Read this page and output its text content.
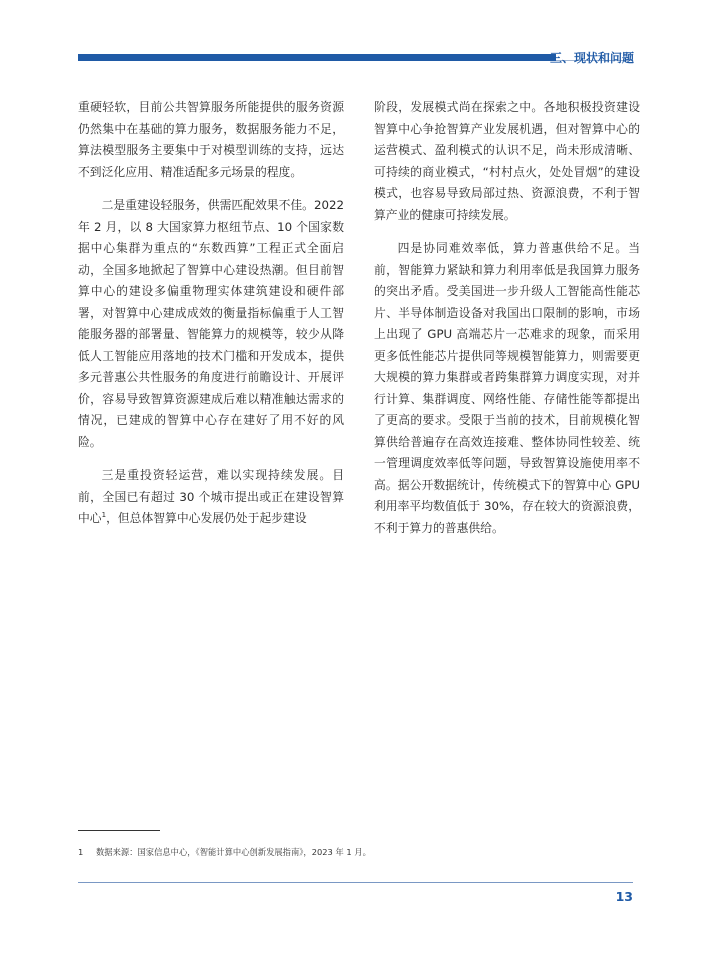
三、现状和问题

重硬轻软，目前公共智算服务所能提供的服务资源仍然集中在基础的算力服务，数据服务能力不足，算法模型服务主要集中于对模型训练的支持，远达不到泛化应用、精准适配多元场景的程度。

二是重建设轻服务，供需匹配效果不佳。2022 年 2 月，以 8 大国家算力枢纽节点、10 个国家数据中心集群为重点的“东数西算”工程正式全面启动，全国多地掀起了智算中心建设热潮。但目前智算中心的建设多偏重物理实体建筑建设和硬件部署，对智算中心建成成效的衡量指标偏重于人工智能服务器的部署量、智能算力的规模等，较少从降低人工智能应用落地的技术门槛和开发成本，提供多元普惠公共性服务的角度进行前瞻设计、开展评价，容易导致智算资源建成后难以精准触达需求的情况，已建成的智算中心存在建好了用不好的风险。

三是重投资轻运营，难以实现持续发展。目前，全国已有超过 30 个城市提出或正在建设智算中心$^1$，但总体智算中心发展仍处于起步建设

阶段，发展模式尚在探索之中。各地积极投资建设智算中心争抢智算产业发展机遇，但对智算中心的运营模式、盈利模式的认识不足，尚未形成清晰、可持续的商业模式，“村村点火，处处冒烟”的建设模式，也容易导致局部过热、资源浪费，不利于智算产业的健康可持续发展。

四是协同难效率低，算力普惠供给不足。当前，智能算力紧缺和算力利用率低是我国算力服务的突出矛盾。受美国进一步升级人工智能高性能芯片、半导体制造设备对我国出口限制的影响，市场上出现了 GPU 高端芯片一芯难求的现象，而采用更多低性能芯片提供同等规模智能算力，则需要更大规模的算力集群或者跨集群算力调度实现，对并行计算、集群调度、网络性能、存储性能等都提出了更高的要求。受限于当前的技术，目前规模化智算供给普遍存在高效连接难、整体协同性较差、统一管理调度效率低等问题，导致智算设施使用率不高。据公开数据统计，传统模式下的智算中心 GPU 利用率平均数值低于 30%，存在较大的资源浪费，不利于算力的普惠供给。

1 数据来源：国家信息中心，《智能计算中心创新发展指南》，2023 年 1 月。
13
